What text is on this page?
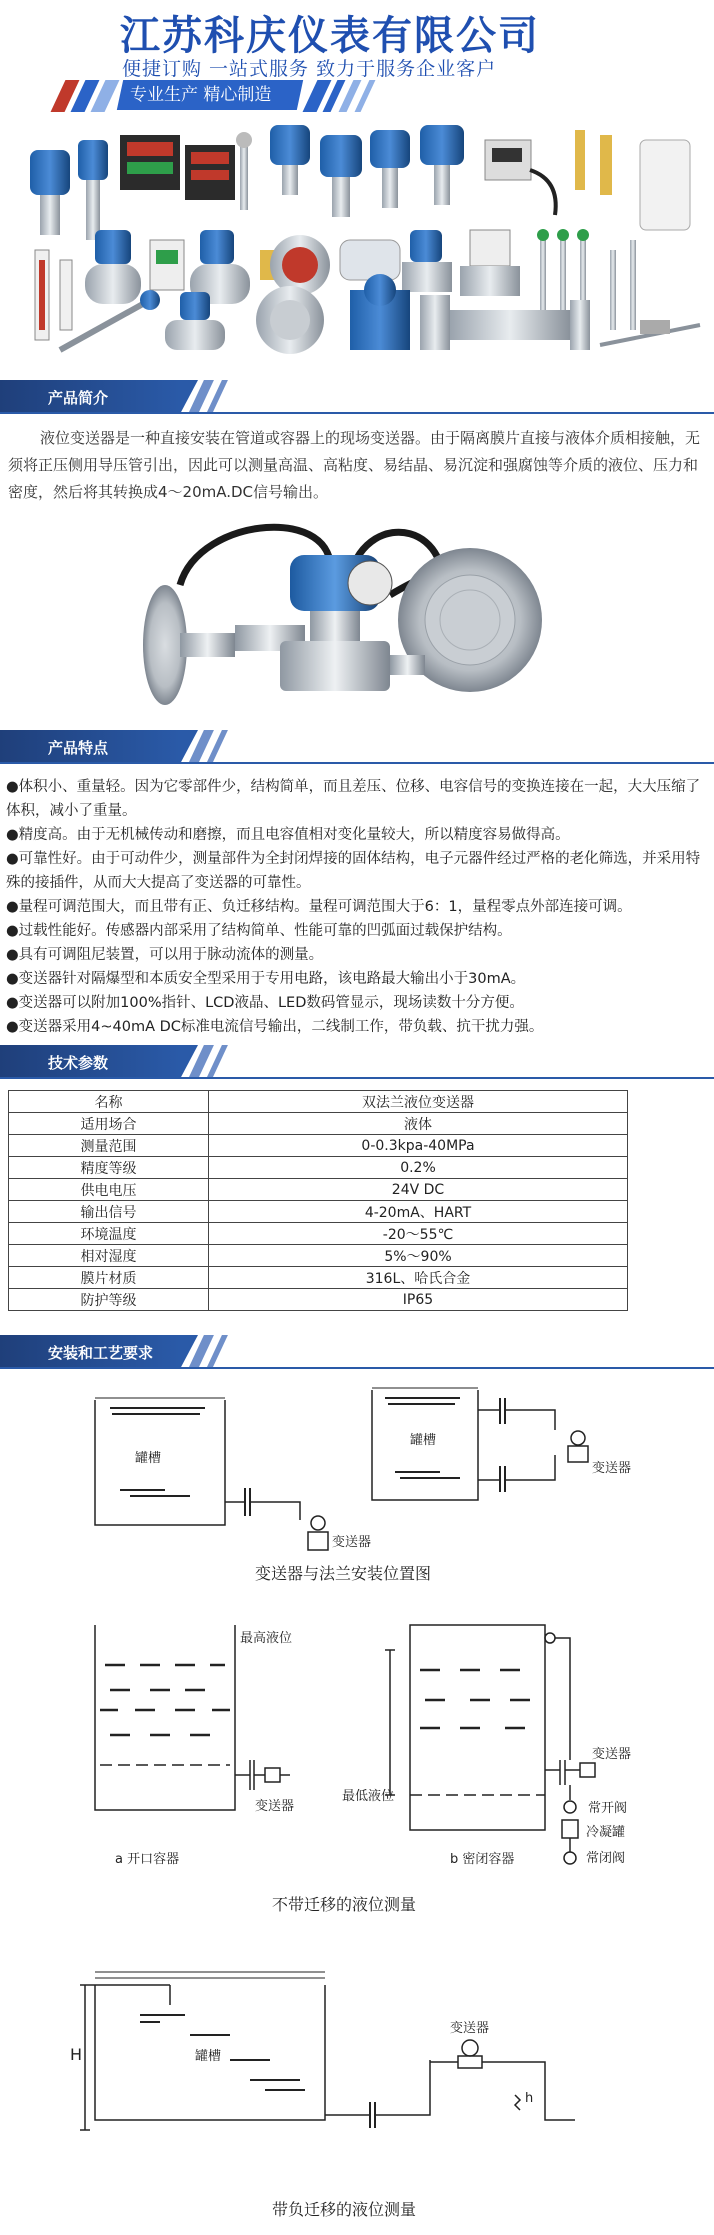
江苏科庆仪表有限公司
便捷订购 一站式服务 致力于服务企业客户
专业生产 精心制造
产品简介

液位变送器是一种直接安装在管道或容器上的现场变送器。由于隔离膜片直接与液体介质相接触，无须将正压侧用导压管引出，因此可以测量高温、高粘度、易结晶、易沉淀和强腐蚀等介质的液位、压力和密度，然后将其转换成4～20mA.DC信号输出。

产品特点
●体积小、重量轻。因为它零部件少，结构简单，而且差压、位移、电容信号的变换连接在一起，大大压缩了体积，减小了重量。
●精度高。由于无机械传动和磨擦，而且电容值相对变化量较大，所以精度容易做得高。
●可靠性好。由于可动件少，测量部件为全封闭焊接的固体结构，电子元器件经过严格的老化筛选，并采用特殊的接插件，从而大大提高了变送器的可靠性。
●量程可调范围大，而且带有正、负迁移结构。量程可调范围大于6：1，量程零点外部连接可调。
●过载性能好。传感器内部采用了结构简单、性能可靠的凹弧面过载保护结构。
●具有可调阻尼装置，可以用于脉动流体的测量。
●变送器针对隔爆型和本质安全型采用于专用电路，该电路最大输出小于30mA。
●变送器可以附加100%指针、LCD液晶、LED数码管显示，现场读数十分方便。
●变送器采用4~40mA DC标准电流信号输出，二线制工作，带负载、抗干扰力强。
技术参数
名称	双法兰液位变送器
适用场合	液体
测量范围	0-0.3kpa-40MPa
精度等级	0.2%
供电电压	24V DC
输出信号	4-20mA、HART
环境温度	-20～55℃
相对湿度	5%～90%
膜片材质	316L、哈氏合金
防护等级	IP65
安装和工艺要求
罐槽
罐槽
变送器
变送器
变送器与法兰安装位置图
最高液位
变送器
a 开口容器
最低液位
b 密闭容器
变送器
常开阀
冷凝罐
常闭阀
不带迁移的液位测量
H	罐槽
变送器
h
带负迁移的液位测量
